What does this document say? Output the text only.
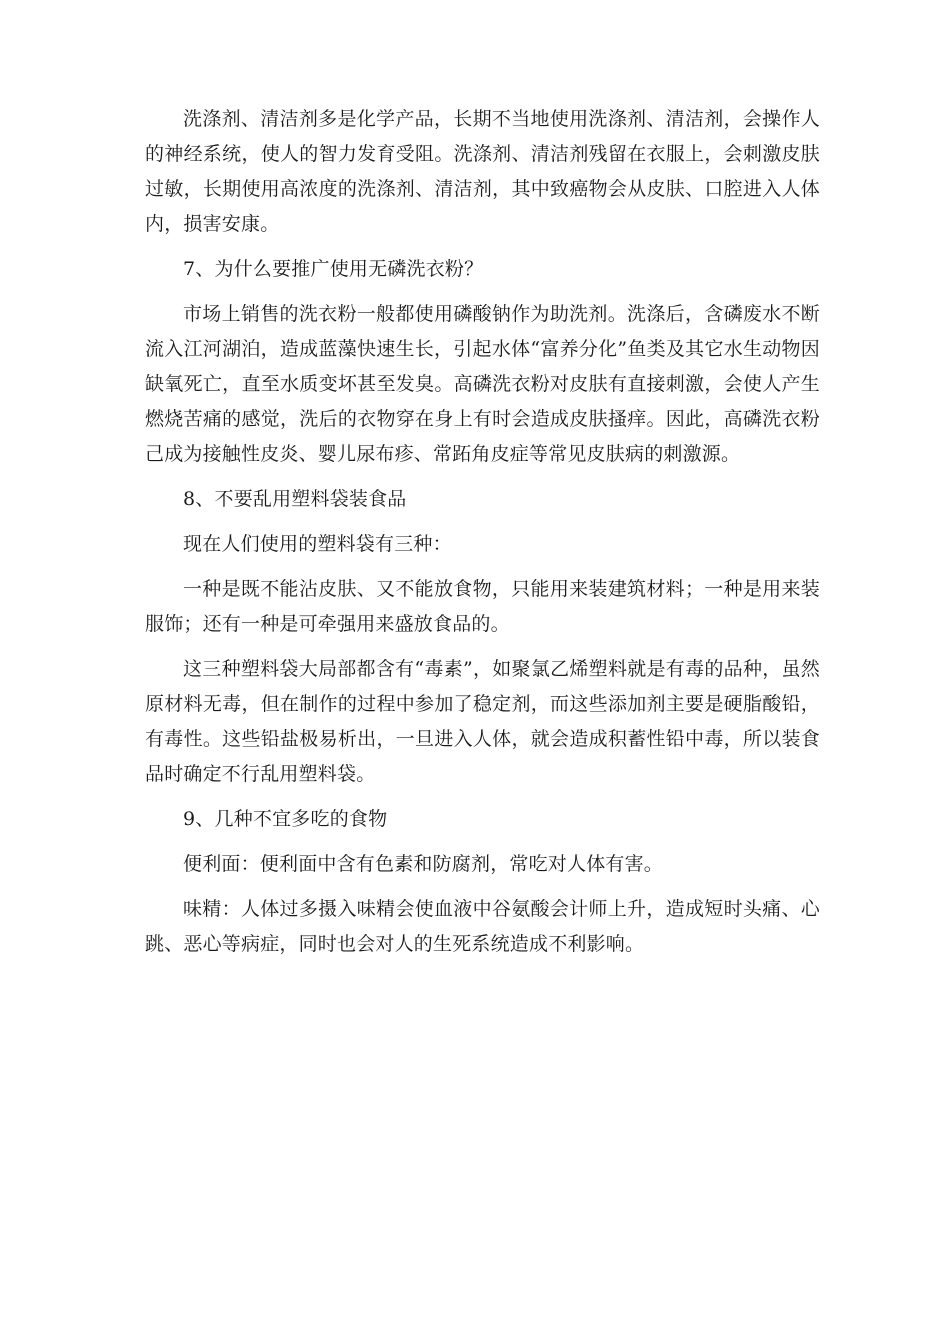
洗涤剂、清洁剂多是化学产品，长期不当地使用洗涤剂、清洁剂，会操作人的神经系统，使人的智力发育受阻。洗涤剂、清洁剂残留在衣服上，会刺激皮肤过敏，长期使用高浓度的洗涤剂、清洁剂，其中致癌物会从皮肤、口腔进入人体内，损害安康。

7、为什么要推广使用无磷洗衣粉？

市场上销售的洗衣粉一般都使用磷酸钠作为助洗剂。洗涤后，含磷废水不断流入江河湖泊，造成蓝藻快速生长，引起水体“富养分化”鱼类及其它水生动物因缺氧死亡，直至水质变坏甚至发臭。高磷洗衣粉对皮肤有直接刺激，会使人产生燃烧苦痛的感觉，洗后的衣物穿在身上有时会造成皮肤搔痒。因此，高磷洗衣粉己成为接触性皮炎、婴儿尿布疹、常跖角皮症等常见皮肤病的刺激源。

8、不要乱用塑料袋装食品

现在人们使用的塑料袋有三种：

一种是既不能沾皮肤、又不能放食物，只能用来装建筑材料；一种是用来装服饰；还有一种是可牵强用来盛放食品的。

这三种塑料袋大局部都含有“毒素”，如聚氯乙烯塑料就是有毒的品种，虽然原材料无毒，但在制作的过程中参加了稳定剂，而这些添加剂主要是硬脂酸铅，有毒性。这些铅盐极易析出，一旦进入人体，就会造成积蓄性铅中毒，所以装食品时确定不行乱用塑料袋。

9、几种不宜多吃的食物

便利面：便利面中含有色素和防腐剂，常吃对人体有害。

味精：人体过多摄入味精会使血液中谷氨酸会计师上升，造成短时头痛、心跳、恶心等病症，同时也会对人的生死系统造成不利影响。
